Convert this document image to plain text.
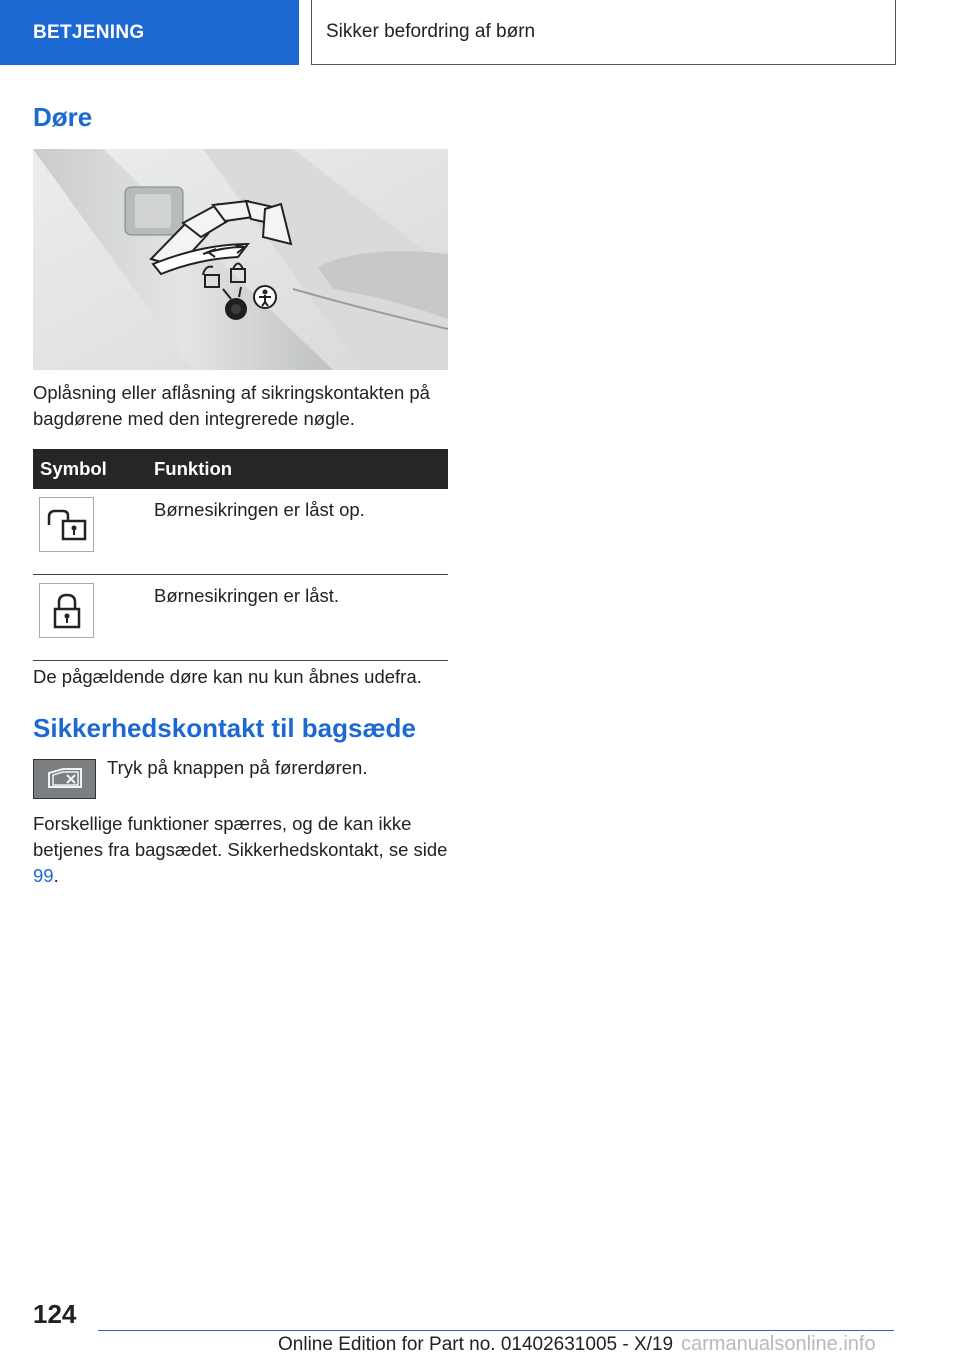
BETJENING	Sikker befordring af børn
Døre

Oplåsning eller aflåsning af sikringskontakten på bagdørene med den integrerede nøgle.

Symbol	Funktion

	Børnesikringen er låst op.

	Børnesikringen er låst.

De pågældende døre kan nu kun åbnes udefra.

Sikkerhedskontakt til bagsæde

Tryk på knappen på førerdøren.

Forskellige funktioner spærres, og de kan ikke betjenes fra bagsædet. Sikkerhedskontakt, se side 99.

124
Online Edition for Part no. 01402631005 - X/19 carmanualsonline.info
